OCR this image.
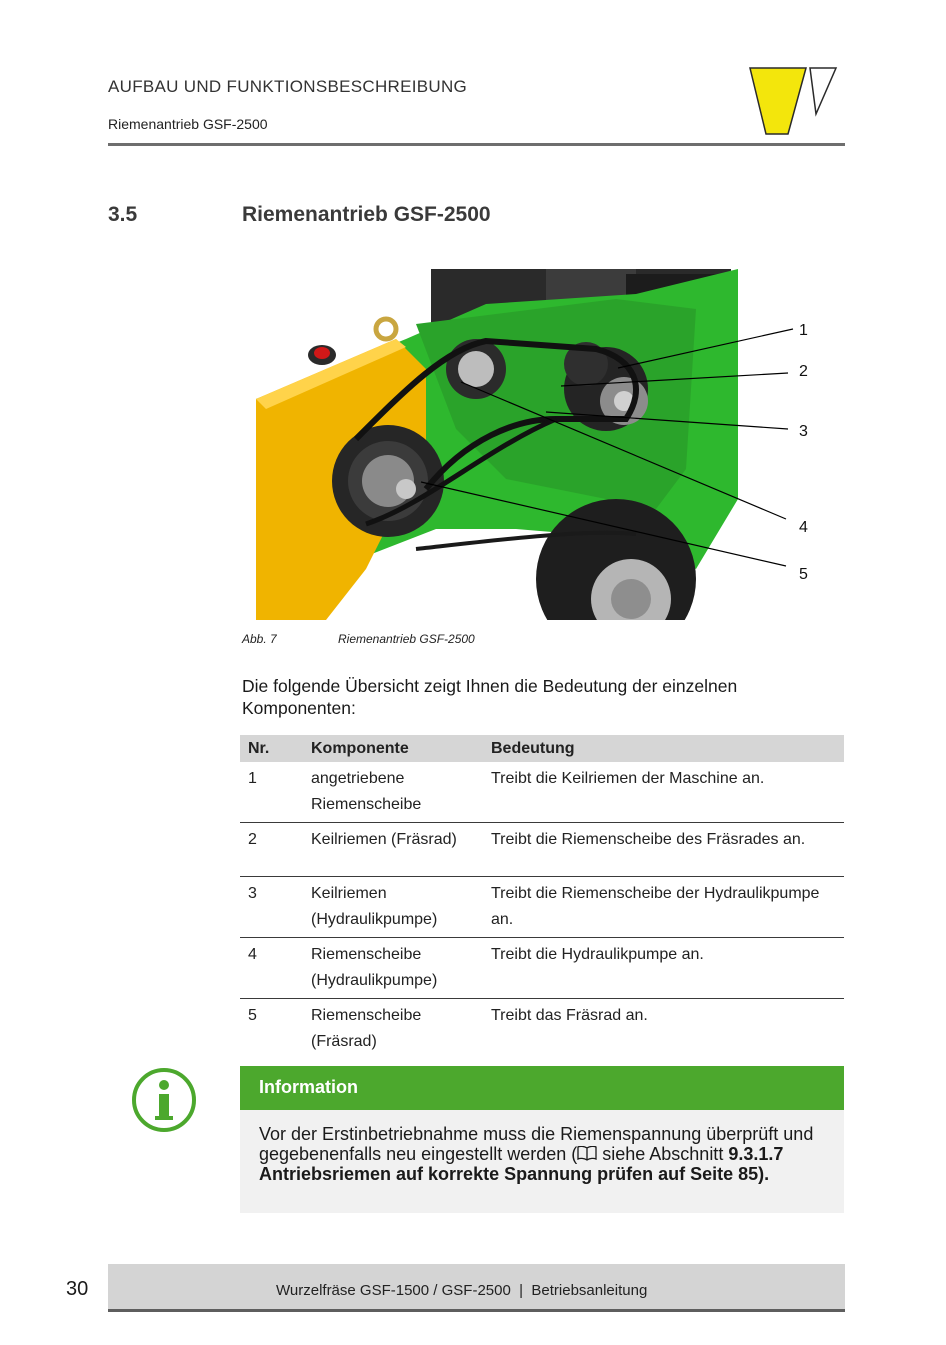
AUFBAU UND FUNKTIONSBESCHREIBUNG
Riemenantrieb GSF-2500
3.5	Riemenantrieb GSF-2500
1
2
3
4
5
Abb. 7	Riemenantrieb GSF-2500
Die folgende Übersicht zeigt Ihnen die Bedeutung der einzelnen Komponenten:
Nr.	Komponente	Bedeutung
1	angetriebene Riemenscheibe	Treibt die Keilriemen der Maschine an.
2	Keilriemen (Fräsrad)	Treibt die Riemenscheibe des Fräsrades an.
3	Keilriemen (Hydraulikpumpe)	Treibt die Riemenscheibe der Hydraulikpumpe an.
4	Riemenscheibe (Hydraulikpumpe)	Treibt die Hydraulikpumpe an.
5	Riemenscheibe (Fräsrad)	Treibt das Fräsrad an.
Information
Vor der Erstinbetriebnahme muss die Riemenspannung überprüft und gegebenenfalls neu eingestellt werden ( siehe Abschnitt 9.3.1.7 Antriebsriemen auf korrekte Spannung prüfen auf Seite 85).
30	Wurzelfräse GSF-1500 / GSF-2500  |  Betriebsanleitung
